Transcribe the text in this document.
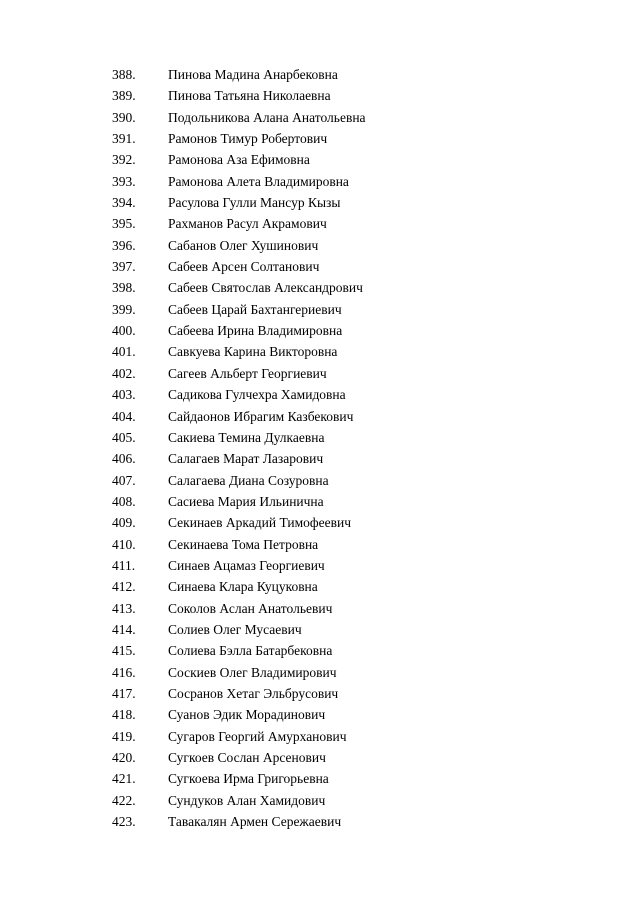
388. Пинова Мадина Анарбековна
389. Пинова Татьяна Николаевна
390. Подольникова Алана Анатольевна
391. Рамонов Тимур Робертович
392. Рамонова Аза Ефимовна
393. Рамонова Алета Владимировна
394. Расулова Гулли Мансур Кызы
395. Рахманов Расул Акрамович
396. Сабанов Олег Хушинович
397. Сабеев Арсен Солтанович
398. Сабеев Святослав Александрович
399. Сабеев Царай Бахтангериевич
400. Сабеева Ирина Владимировна
401. Савкуева Карина Викторовна
402. Сагеев Альберт Георгиевич
403. Садикова Гулчехра Хамидовна
404. Сайдаонов Ибрагим Казбекович
405. Сакиева Темина Дулкаевна
406. Салагаев Марат Лазарович
407. Салагаева Диана Созуровна
408. Сасиева Мария Ильинична
409. Секинаев Аркадий Тимофеевич
410. Секинаева Тома Петровна
411. Синаев Ацамаз Георгиевич
412. Синаева Клара Куцуковна
413. Соколов Аслан Анатольевич
414. Солиев Олег Мусаевич
415. Солиева Бэлла Батарбековна
416. Соскиев Олег Владимирович
417. Сосранов Хетаг Эльбрусович
418. Суанов Эдик Морадинович
419. Сугаров Георгий Амурханович
420. Сугкоев Сослан Арсенович
421. Сугкоева Ирма Григорьевна
422. Сундуков Алан Хамидович
423. Тавакалян Армен Сережаевич
